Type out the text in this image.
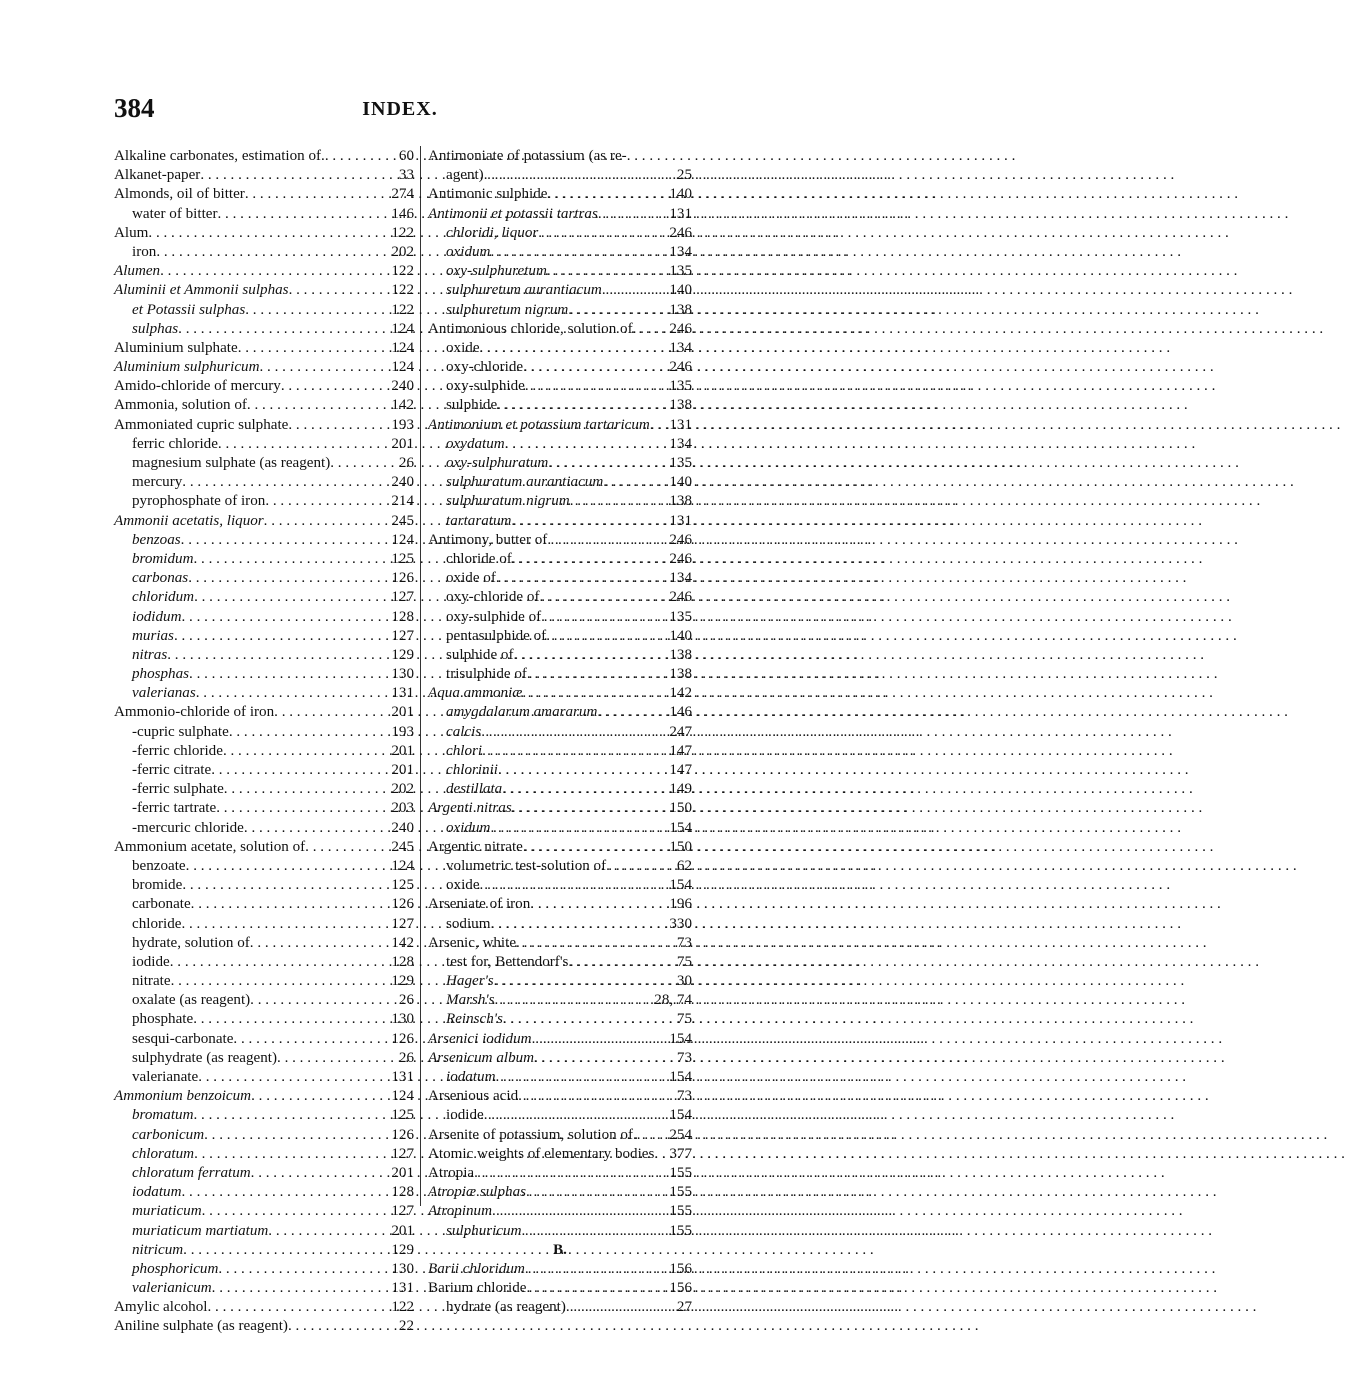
384	INDEX.
Alkaline carbonates, estimation of. . . .	60
Alkanet-paper . . .	33
Almonds, oil of bitter . . .	274
water of bitter . . .	146
Alum . . .	122
iron . . .	202
Alumen . . .	122
Aluminii et Ammonii sulphas . . .	122
et Potassii sulphas . . .	122
sulphas . . .	124
Aluminium sulphate . . .	124
Aluminium sulphuricum . . .	124
Amido-chloride of mercury . . .	240
Ammonia, solution of . . .	142
Ammoniated cupric sulphate . . .	193
ferric chloride . . .	201
magnesium sulphate (as reagent) . . .	26
mercury . . .	240
pyrophosphate of iron . . .	214
Ammonii acetatis, liquor . . .	245
benzoas . . .	124
bromidum . . .	125
carbonas . . .	126
chloridum . . .	127
iodidum . . .	128
murias . . .	127
nitras . . .	129
phosphas . . .	130
valerianas . . .	131
Ammonio-chloride of iron . . .	201
-cupric sulphate . . .	193
-ferric chloride . . .	201
-ferric citrate . . .	201
-ferric sulphate . . .	202
-ferric tartrate . . .	203
-mercuric chloride . . .	240
Ammonium acetate, solution of . . .	245
benzoate . . .	124
bromide . . .	125
carbonate . . .	126
chloride . . .	127
hydrate, solution of . . .	142
iodide . . .	128
nitrate . . .	129
oxalate (as reagent) . . .	26
phosphate . . .	130
sesqui-carbonate . . .	126
sulphydrate (as reagent) . . .	26
valerianate . . .	131
Ammonium benzoicum . . .	124
bromatum . . .	125
carbonicum . . .	126
chloratum . . .	127
chloratum ferratum . . .	201
iodatum . . .	128
muriaticum . . .	127
muriaticum martiatum . . .	201
nitricum . . .	129
phosphoricum . . .	130
valerianicum . . .	131
Amylic alcohol . . .	122
Aniline sulphate (as reagent) . . .	22
Antimoniate of potassium (as re-
agent) . . .	25
Antimonic sulphide . . .	140
Antimonii et potassii tartras . . .	131
chloridi, liquor . . .	246
oxidum . . .	134
oxy-sulphuretum . . .	135
sulphuretum aurantiacum . . .	140
sulphuretum nigrum . . .	138
Antimonious chloride, solution of . . . 246
oxide . . .	134
oxy-chloride . . .	246
oxy-sulphide . . .	135
sulphide . . .	138
Antimonium et potassium tartaricum . . . 131
oxydatum . . .	134
oxy-sulphuratum . . .	135
sulphuratum aurantiacum . . .	140
sulphuratum nigrum . . .	138
tartaratum . . .	131
Antimony, butter of . . .	246
chloride of . . .	246
oxide of . . .	134
oxy-chloride of . . .	246
oxy-sulphide of . . .	135
pentasulphide of . . .	140
sulphide of . . .	138
trisulphide of . . .	138
Aqua ammoniæ . . .	142
amygdalarum amararum . . .	146
calcis . . .	247
chlori . . .	147
chlorinii . . .	147
destillata . . .	149
Argenti nitras . . .	150
oxidum . . .	154
Argentic nitrate . . .	150
volumetric test-solution of . . .	62
oxide . . .	154
Arseniate of iron . . .	196
sodium . . .	330
Arsenic, white . . .	73
test for, Bettendorf's . . .	75
Hager's . . .	30
Marsh's . . .	28, 74
Reinsch's . . .	75
Arsenici iodidum . . .	154
Arsenicum album . . .	73
iodatum . . .	154
Arsenious acid . . .	73
iodide . . .	154
Arsenite of potassium, solution of. . . . 254
Atomic weights of elementary bodies . . . 377
Atropia . . .	155
Atropiæ sulphas . . .	155
Atropinum . . .	155
sulphuricum . . .	155
B.
Barii chloridum . . .	156
Barium chloride . . .	156
hydrate (as reagent) . . .	27
